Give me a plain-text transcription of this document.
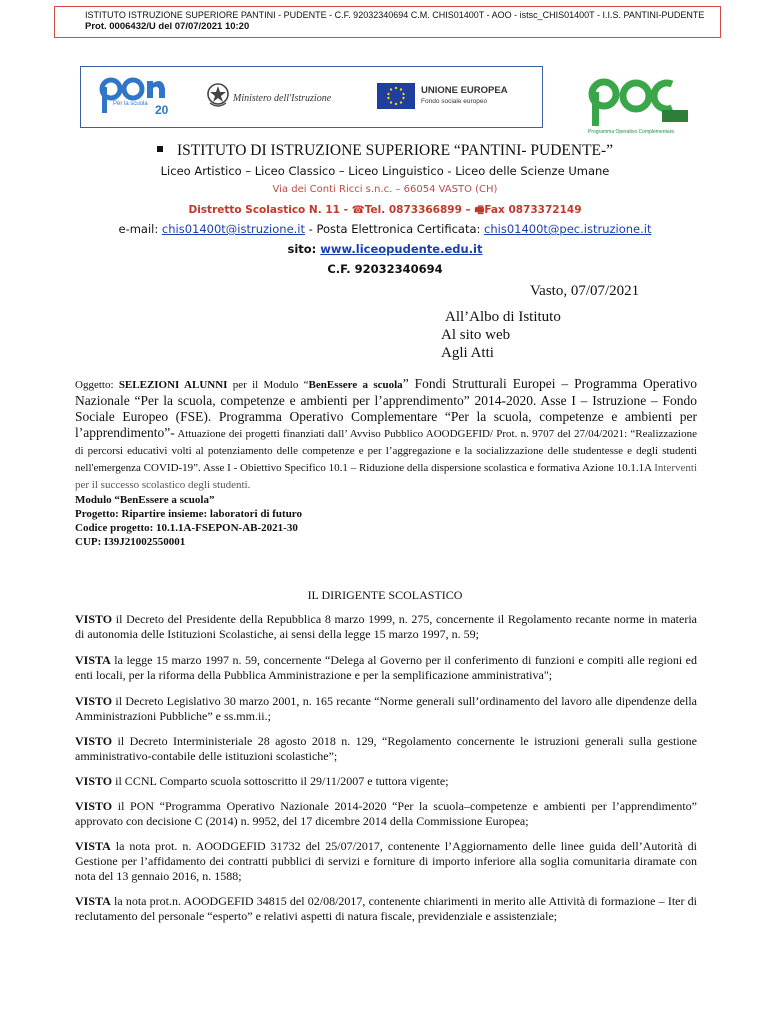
ISTITUTO ISTRUZIONE SUPERIORE PANTINI - PUDENTE - C.F. 92032340694 C.M. CHIS01400T - AOO - istsc_CHIS01400T - I.I.S. PANTINI-PUDENTE
Prot. 0006432/U del 07/07/2021 10:20
Per la scuola 20
Ministero dell'Istruzione
UNIONE EUROPEA
Fondo sociale europeo
Programma Operativo Complementare
ISTITUTO DI ISTRUZIONE SUPERIORE “PANTINI- PUDENTE-”
Liceo Artistico – Liceo Classico – Liceo Linguistico - Liceo delle Scienze Umane
Via dei Conti Ricci s.n.c. – 66054 VASTO (CH)
Distretto Scolastico N. 11 - ☎Tel. 0873366899 – 🖷Fax 0873372149
e-mail: chis01400t@istruzione.it - Posta Elettronica Certificata: chis01400t@pec.istruzione.it
sito: www.liceopudente.edu.it
C.F. 92032340694
Vasto, 07/07/2021
All’Albo di Istituto
Al sito web
Agli Atti
Oggetto: SELEZIONI ALUNNI per il Modulo “BenEssere a scuola” Fondi Strutturali Europei – Programma Operativo Nazionale “Per la scuola, competenze e ambienti per l’apprendimento” 2014-2020. Asse I – Istruzione – Fondo Sociale Europeo (FSE). Programma Operativo Complementare “Per la scuola, competenze e ambienti per l’apprendimento”- Attuazione dei progetti finanziati dall’ Avviso Pubblico AOODGEFID/ Prot. n. 9707 del 27/04/2021: “Realizzazione di percorsi educativi volti al potenziamento delle competenze e per l’aggregazione e la socializzazione delle studentesse e degli studenti nell'emergenza COVID-19”. Asse I - Obiettivo Specifico 10.1 – Riduzione della dispersione scolastica e formativa Azione 10.1.1A Interventi per il successo scolastico degli studenti.
Modulo “BenEssere a scuola”
Progetto: Ripartire insieme: laboratori di futuro
Codice progetto: 10.1.1A-FSEPON-AB-2021-30
CUP: I39J21002550001
IL DIRIGENTE SCOLASTICO
VISTO il Decreto del Presidente della Repubblica 8 marzo 1999, n. 275, concernente il Regolamento recante norme in materia di autonomia delle Istituzioni Scolastiche, ai sensi della legge 15 marzo 1997, n. 59;
VISTA la legge 15 marzo 1997 n. 59, concernente “Delega al Governo per il conferimento di funzioni e compiti alle regioni ed enti locali, per la riforma della Pubblica Amministrazione e per la semplificazione amministrativa";
VISTO il Decreto Legislativo 30 marzo 2001, n. 165 recante “Norme generali sull’ordinamento del lavoro alle dipendenze della Amministrazioni Pubbliche” e ss.mm.ii.;
VISTO il Decreto Interministeriale 28 agosto 2018 n. 129, “Regolamento concernente le istruzioni generali sulla gestione amministrativo-contabile delle istituzioni scolastiche”;
VISTO il CCNL Comparto scuola sottoscritto il 29/11/2007 e tuttora vigente;
VISTO il PON “Programma Operativo Nazionale 2014-2020 “Per la scuola–competenze e ambienti per l’apprendimento” approvato con decisione C (2014) n. 9952, del 17 dicembre 2014 della Commissione Europea;
VISTA la nota prot. n. AOODGEFID 31732 del 25/07/2017, contenente l’Aggiornamento delle linee guida dell’Autorità di Gestione per l’affidamento dei contratti pubblici di servizi e forniture di importo inferiore alla soglia comunitaria diramate con nota del 13 gennaio 2016, n. 1588;
VISTA la nota prot.n. AOODGEFID 34815 del 02/08/2017, contenente chiarimenti in merito alle Attività di formazione – Iter di reclutamento del personale “esperto” e relativi aspetti di natura fiscale, previdenziale e assistenziale;
